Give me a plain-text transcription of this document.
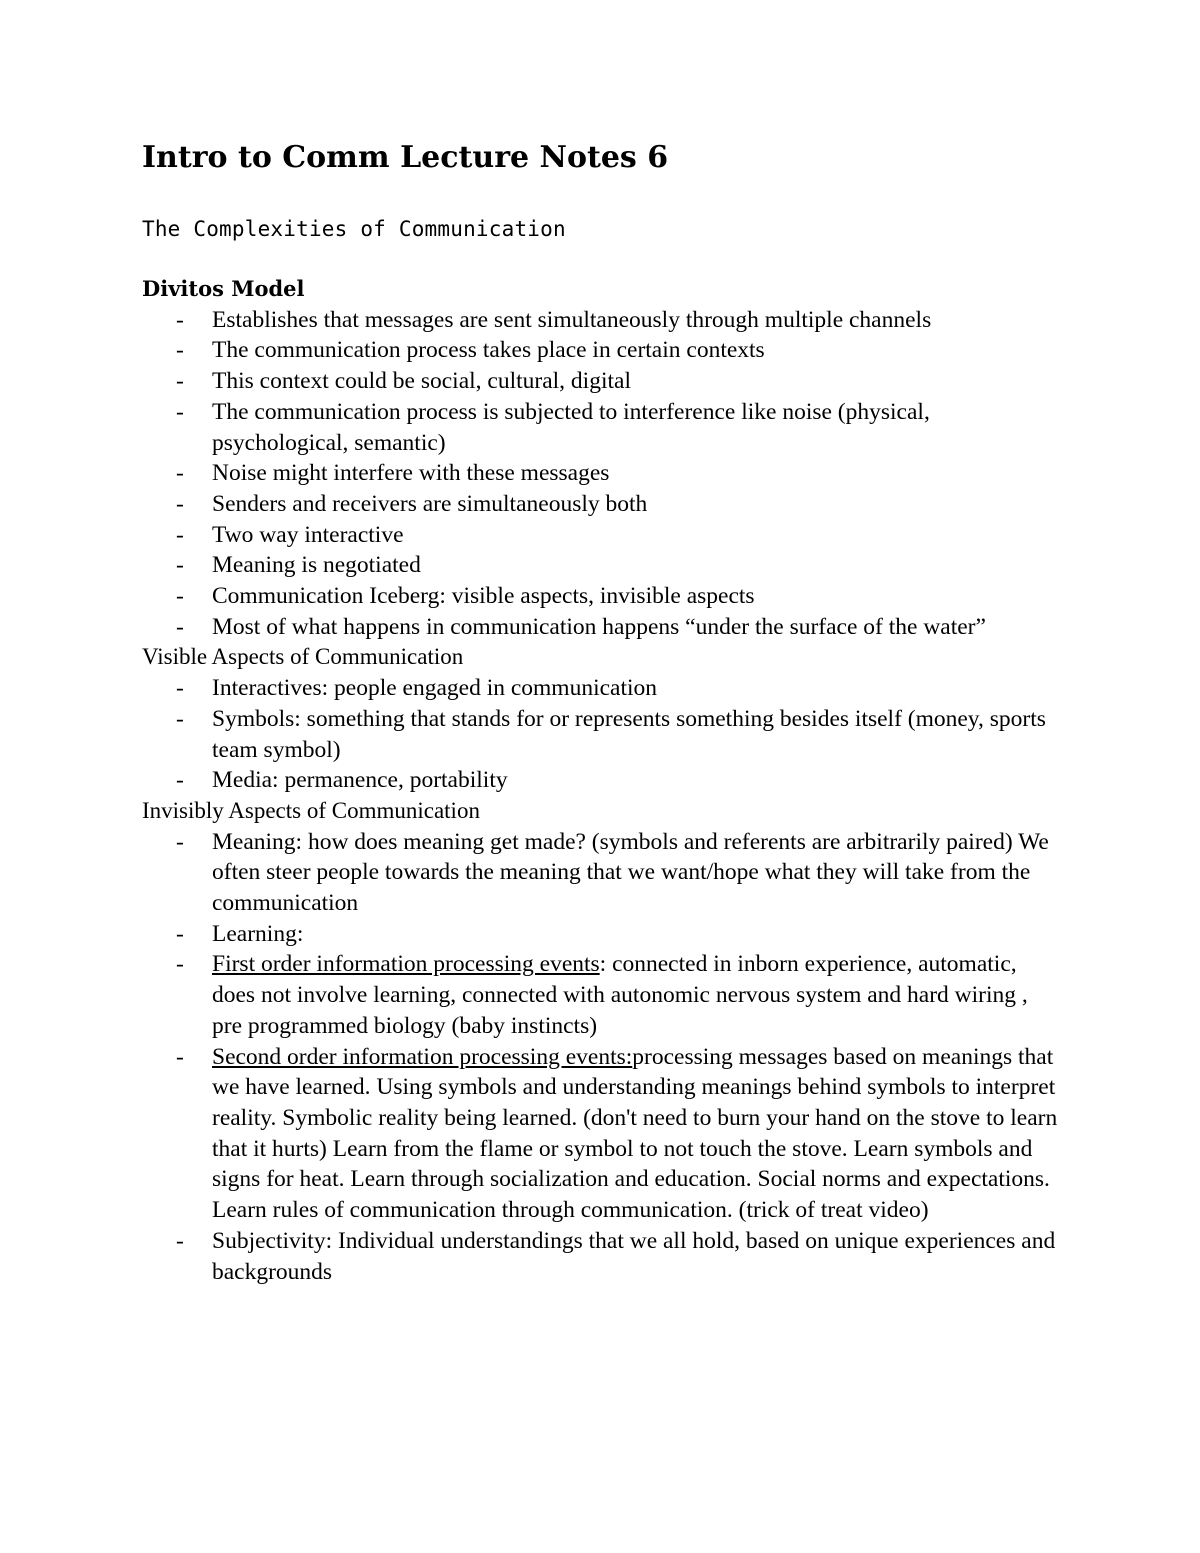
Intro to Comm Lecture Notes 6
The Complexities of Communication
Divitos Model
- Establishes that messages are sent simultaneously through multiple channels
- The communication process takes place in certain contexts
- This context could be social, cultural, digital
- The communication process is subjected to interference like noise (physical, psychological, semantic)
- Noise might interfere with these messages
- Senders and receivers are simultaneously both
- Two way interactive
- Meaning is negotiated
- Communication Iceberg: visible aspects, invisible aspects
- Most of what happens in communication happens “under the surface of the water”
Visible Aspects of Communication
- Interactives: people engaged in communication
- Symbols: something that stands for or represents something besides itself (money, sports team symbol)
- Media: permanence, portability
Invisibly Aspects of Communication
- Meaning: how does meaning get made? (symbols and referents are arbitrarily paired) We often steer people towards the meaning that we want/hope what they will take from the communication
- Learning:
- First order information processing events: connected in inborn experience, automatic, does not involve learning, connected with autonomic nervous system and hard wiring , pre programmed biology (baby instincts)
- Second order information processing events:processing messages based on meanings that we have learned. Using symbols and understanding meanings behind symbols to interpret reality. Symbolic reality being learned. (don't need to burn your hand on the stove to learn that it hurts) Learn from the flame or symbol to not touch the stove. Learn symbols and signs for heat. Learn through socialization and education. Social norms and expectations. Learn rules of communication through communication. (trick of treat video)
- Subjectivity: Individual understandings that we all hold, based on unique experiences and backgrounds
